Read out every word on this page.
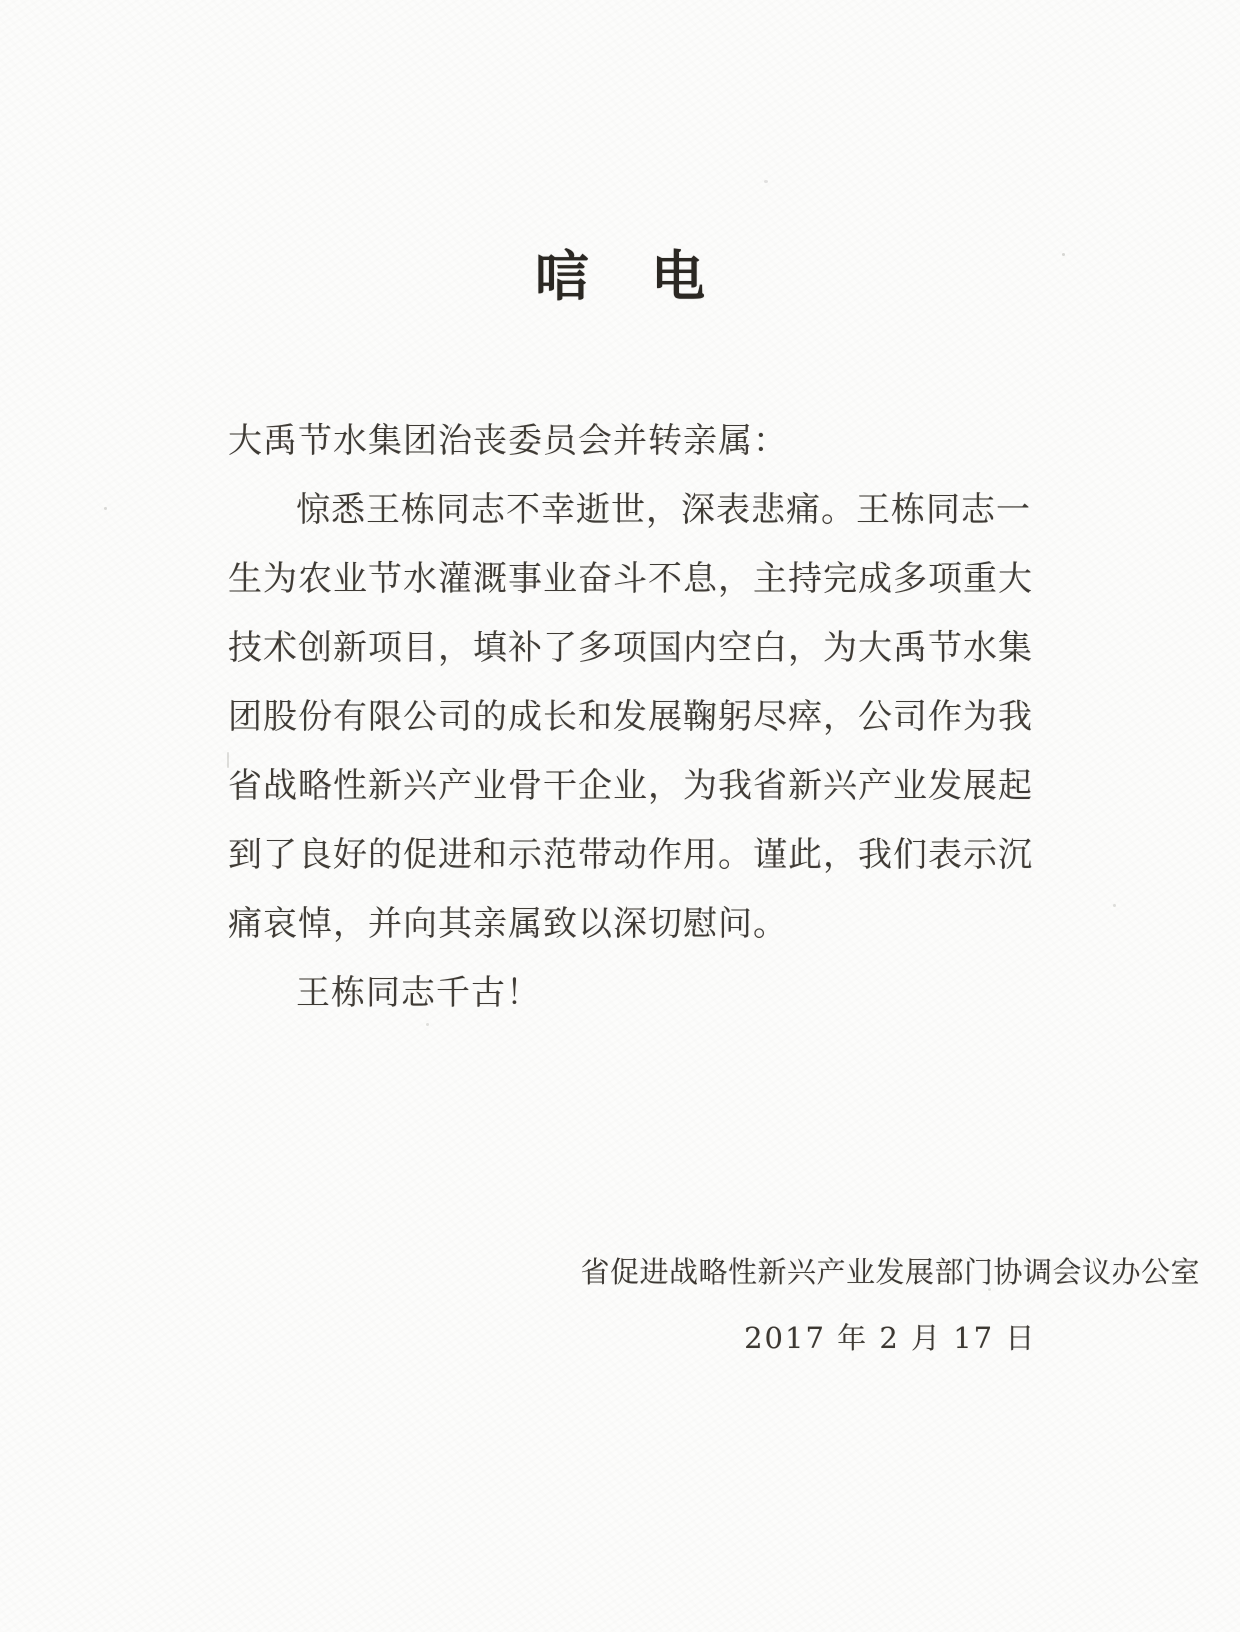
唁 电
大禹节水集团治丧委员会并转亲属：
惊悉王栋同志不幸逝世，深表悲痛。王栋同志一
生为农业节水灌溉事业奋斗不息，主持完成多项重大
技术创新项目，填补了多项国内空白，为大禹节水集
团股份有限公司的成长和发展鞠躬尽瘁，公司作为我
省战略性新兴产业骨干企业，为我省新兴产业发展起
到了良好的促进和示范带动作用。谨此，我们表示沉
痛哀悼，并向其亲属致以深切慰问。
王栋同志千古！
省促进战略性新兴产业发展部门协调会议办公室
2017 年 2 月 17 日
